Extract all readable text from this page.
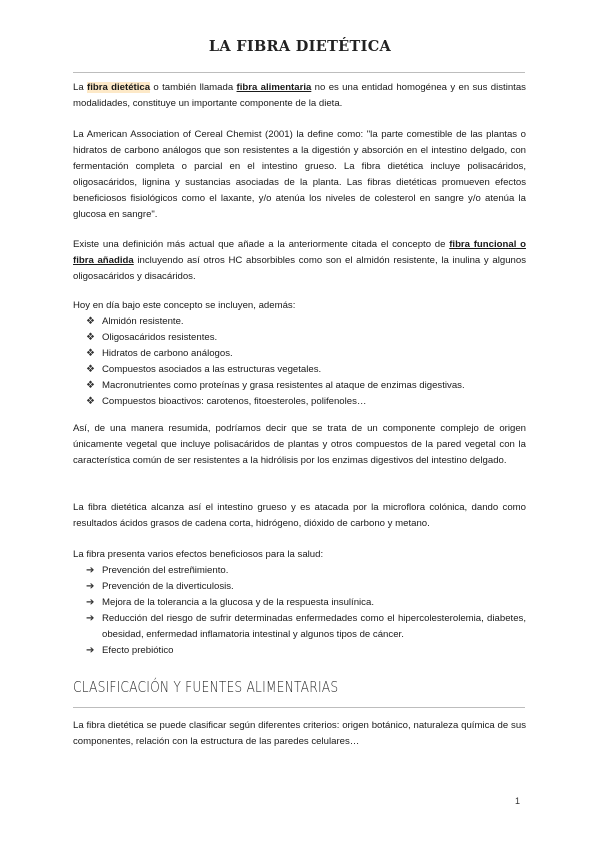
LA FIBRA DIETÉTICA

La fibra dietética o también llamada fibra alimentaria no es una entidad homogénea y en sus distintas modalidades, constituye un importante componente de la dieta.

La American Association of Cereal Chemist (2001) la define como: "la parte comestible de las plantas o hidratos de carbono análogos que son resistentes a la digestión y absorción en el intestino delgado, con fermentación completa o parcial en el intestino grueso. La fibra dietética incluye polisacáridos, oligosacáridos, lignina y sustancias asociadas de la planta. Las fibras dietéticas promueven efectos beneficiosos fisiológicos como el laxante, y/o atenúa los niveles de colesterol en sangre y/o atenúa la glucosa en sangre".

Existe una definición más actual que añade a la anteriormente citada el concepto de fibra funcional o fibra añadida incluyendo así otros HC absorbibles como son el almidón resistente, la inulina y algunos oligosacáridos y disacáridos.

Hoy en día bajo este concepto se incluyen, además:

❖ Almidón resistente.
❖ Oligosacáridos resistentes.
❖ Hidratos de carbono análogos.
❖ Compuestos asociados a las estructuras vegetales.
❖ Macronutrientes como proteínas y grasa resistentes al ataque de enzimas digestivas.
❖ Compuestos bioactivos: carotenos, fitoesteroles, polifenoles…

Así, de una manera resumida, podríamos decir que se trata de un componente complejo de origen únicamente vegetal que incluye polisacáridos de plantas y otros compuestos de la pared vegetal con la característica común de ser resistentes a la hidrólisis por los enzimas digestivos del intestino delgado.

La fibra dietética alcanza así el intestino grueso y es atacada por la microflora colónica, dando como resultados ácidos grasos de cadena corta, hidrógeno, dióxido de carbono y metano.

La fibra presenta varios efectos beneficiosos para la salud:

➔ Prevención del estreñimiento.
➔ Prevención de la diverticulosis.
➔ Mejora de la tolerancia a la glucosa y de la respuesta insulínica.
➔ Reducción del riesgo de sufrir determinadas enfermedades como el hipercolesterolemia, diabetes, obesidad, enfermedad inflamatoria intestinal y algunos tipos de cáncer.
➔ Efecto prebiótico
CLASIFICACIÓN Y FUENTES ALIMENTARIAS

La fibra dietética se puede clasificar según diferentes criterios: origen botánico, naturaleza química de sus componentes, relación con la estructura de las paredes celulares…

1
